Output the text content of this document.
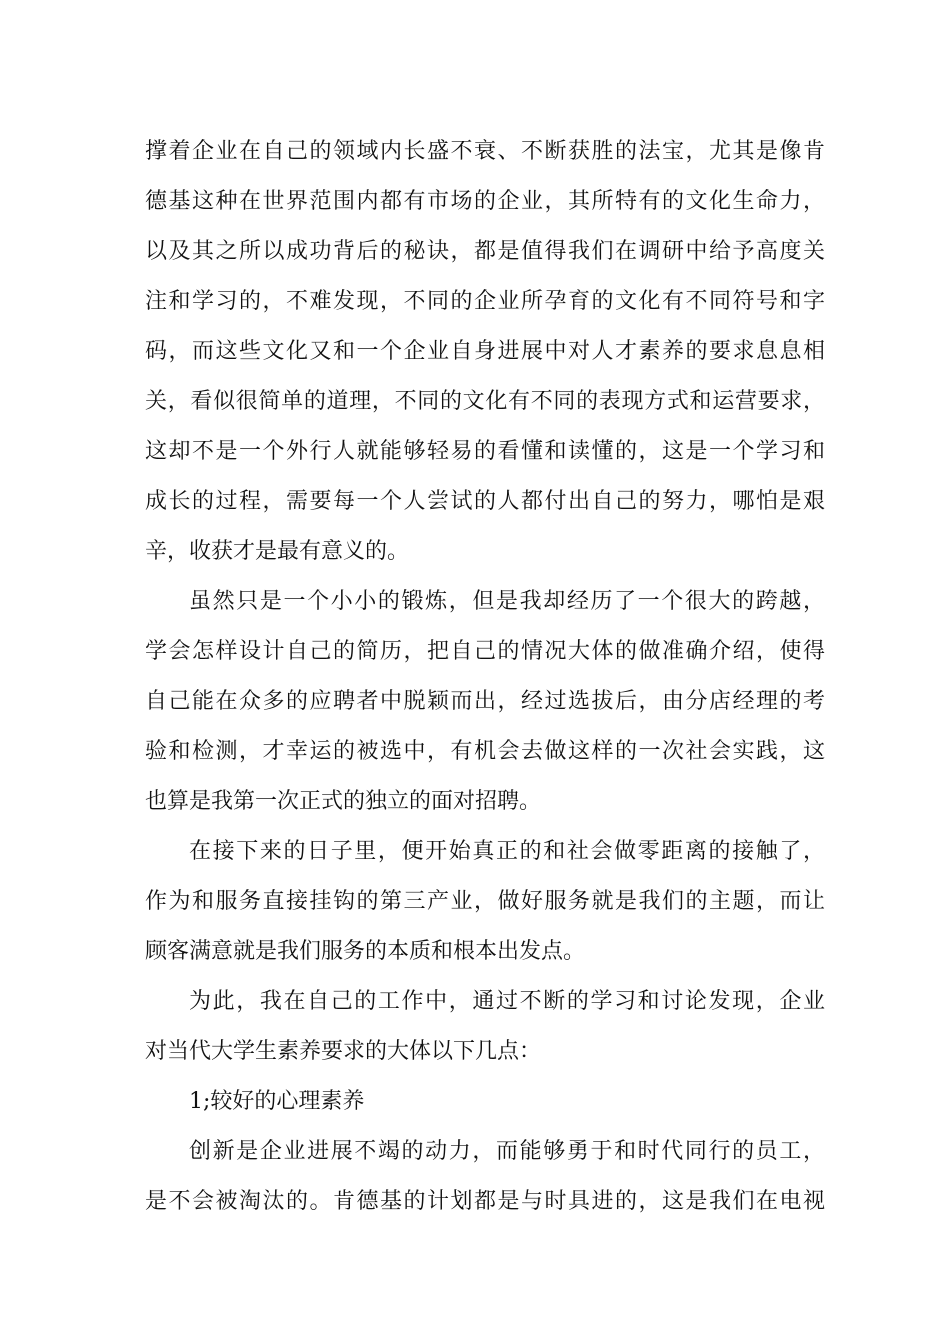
撑着企业在自己的领域内长盛不衰、不断获胜的法宝，尤其是像肯
德基这种在世界范围内都有市场的企业，其所特有的文化生命力，
以及其之所以成功背后的秘诀，都是值得我们在调研中给予高度关
注和学习的，不难发现，不同的企业所孕育的文化有不同符号和字
码，而这些文化又和一个企业自身进展中对人才素养的要求息息相
关，看似很简单的道理，不同的文化有不同的表现方式和运营要求，
这却不是一个外行人就能够轻易的看懂和读懂的，这是一个学习和
成长的过程，需要每一个人尝试的人都付出自己的努力，哪怕是艰
辛，收获才是最有意义的。
虽然只是一个小小的锻炼，但是我却经历了一个很大的跨越，
学会怎样设计自己的简历，把自己的情况大体的做准确介绍，使得
自己能在众多的应聘者中脱颖而出，经过选拔后，由分店经理的考
验和检测，才幸运的被选中，有机会去做这样的一次社会实践，这
也算是我第一次正式的独立的面对招聘。
在接下来的日子里，便开始真正的和社会做零距离的接触了，
作为和服务直接挂钩的第三产业，做好服务就是我们的主题，而让
顾客满意就是我们服务的本质和根本出发点。
为此，我在自己的工作中，通过不断的学习和讨论发现，企业
对当代大学生素养要求的大体以下几点：
1;较好的心理素养
创新是企业进展不竭的动力，而能够勇于和时代同行的员工，
是不会被淘汰的。肯德基的计划都是与时具进的，这是我们在电视
